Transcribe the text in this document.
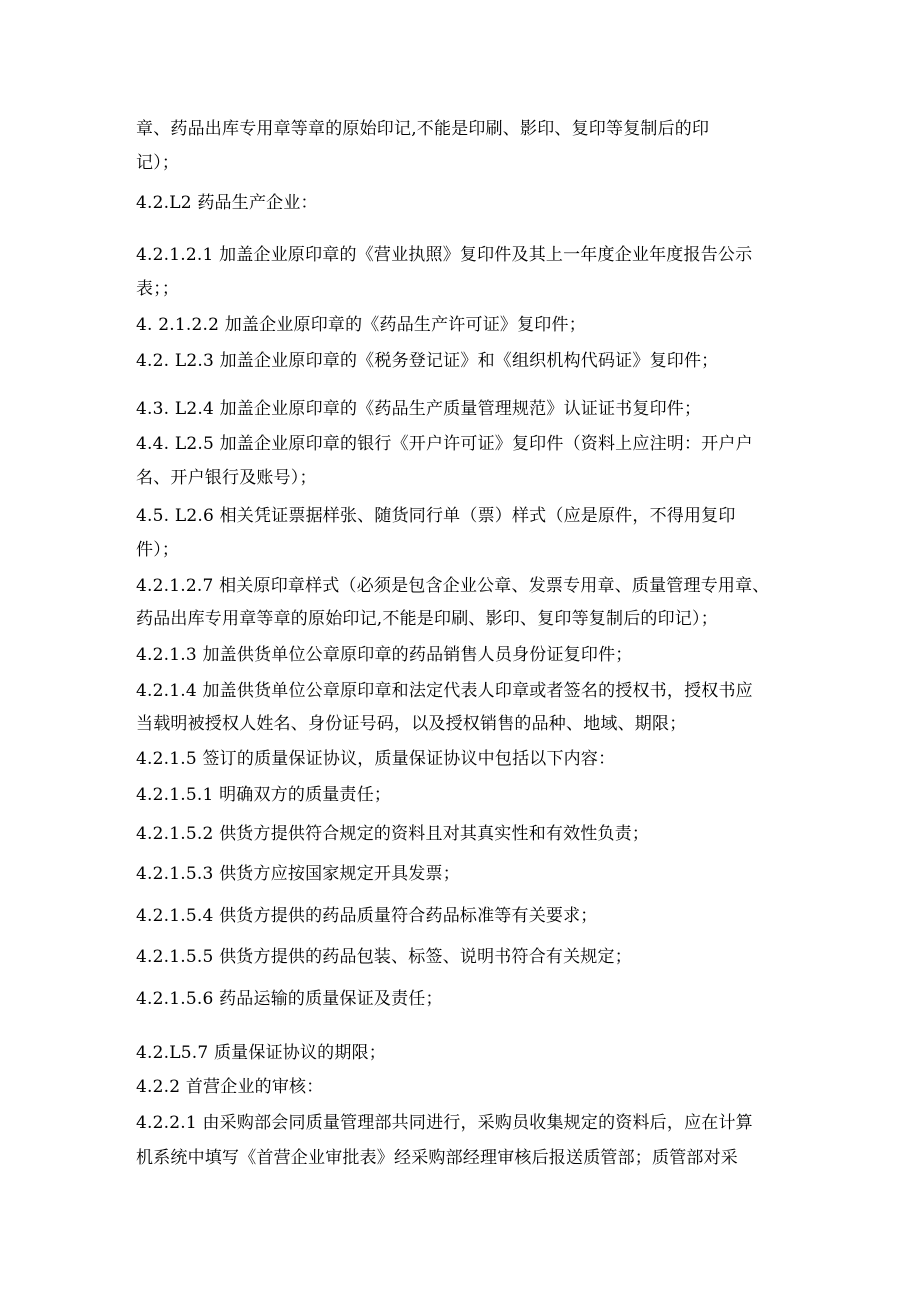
章、药品出库专用章等章的原始印记,不能是印刷、影印、复印等复制后的印
记）；
4.2.L2 药品生产企业：
4.2.1.2.1 加盖企业原印章的《营业执照》复印件及其上一年度企业年度报告公示
表；；
4. 2.1.2.2 加盖企业原印章的《药品生产许可证》复印件；
4.2. L2.3 加盖企业原印章的《税务登记证》和《组织机构代码证》复印件；
4.3. L2.4 加盖企业原印章的《药品生产质量管理规范》认证证书复印件；
4.4. L2.5 加盖企业原印章的银行《开户许可证》复印件（资料上应注明：开户户
名、开户银行及账号）；
4.5. L2.6 相关凭证票据样张、随货同行单（票）样式（应是原件，不得用复印
件）；
4.2.1.2.7 相关原印章样式（必须是包含企业公章、发票专用章、质量管理专用章、
药品出库专用章等章的原始印记,不能是印刷、影印、复印等复制后的印记）；
4.2.1.3 加盖供货单位公章原印章的药品销售人员身份证复印件；
4.2.1.4 加盖供货单位公章原印章和法定代表人印章或者签名的授权书，授权书应
当载明被授权人姓名、身份证号码，以及授权销售的品种、地域、期限；
4.2.1.5 签订的质量保证协议，质量保证协议中包括以下内容：
4.2.1.5.1 明确双方的质量责任；
4.2.1.5.2 供货方提供符合规定的资料且对其真实性和有效性负责；
4.2.1.5.3 供货方应按国家规定开具发票；
4.2.1.5.4 供货方提供的药品质量符合药品标准等有关要求；
4.2.1.5.5 供货方提供的药品包装、标签、说明书符合有关规定；
4.2.1.5.6 药品运输的质量保证及责任；
4.2.L5.7 质量保证协议的期限；
4.2.2 首营企业的审核：
4.2.2.1 由采购部会同质量管理部共同进行，采购员收集规定的资料后，应在计算
机系统中填写《首营企业审批表》经采购部经理审核后报送质管部；质管部对采
